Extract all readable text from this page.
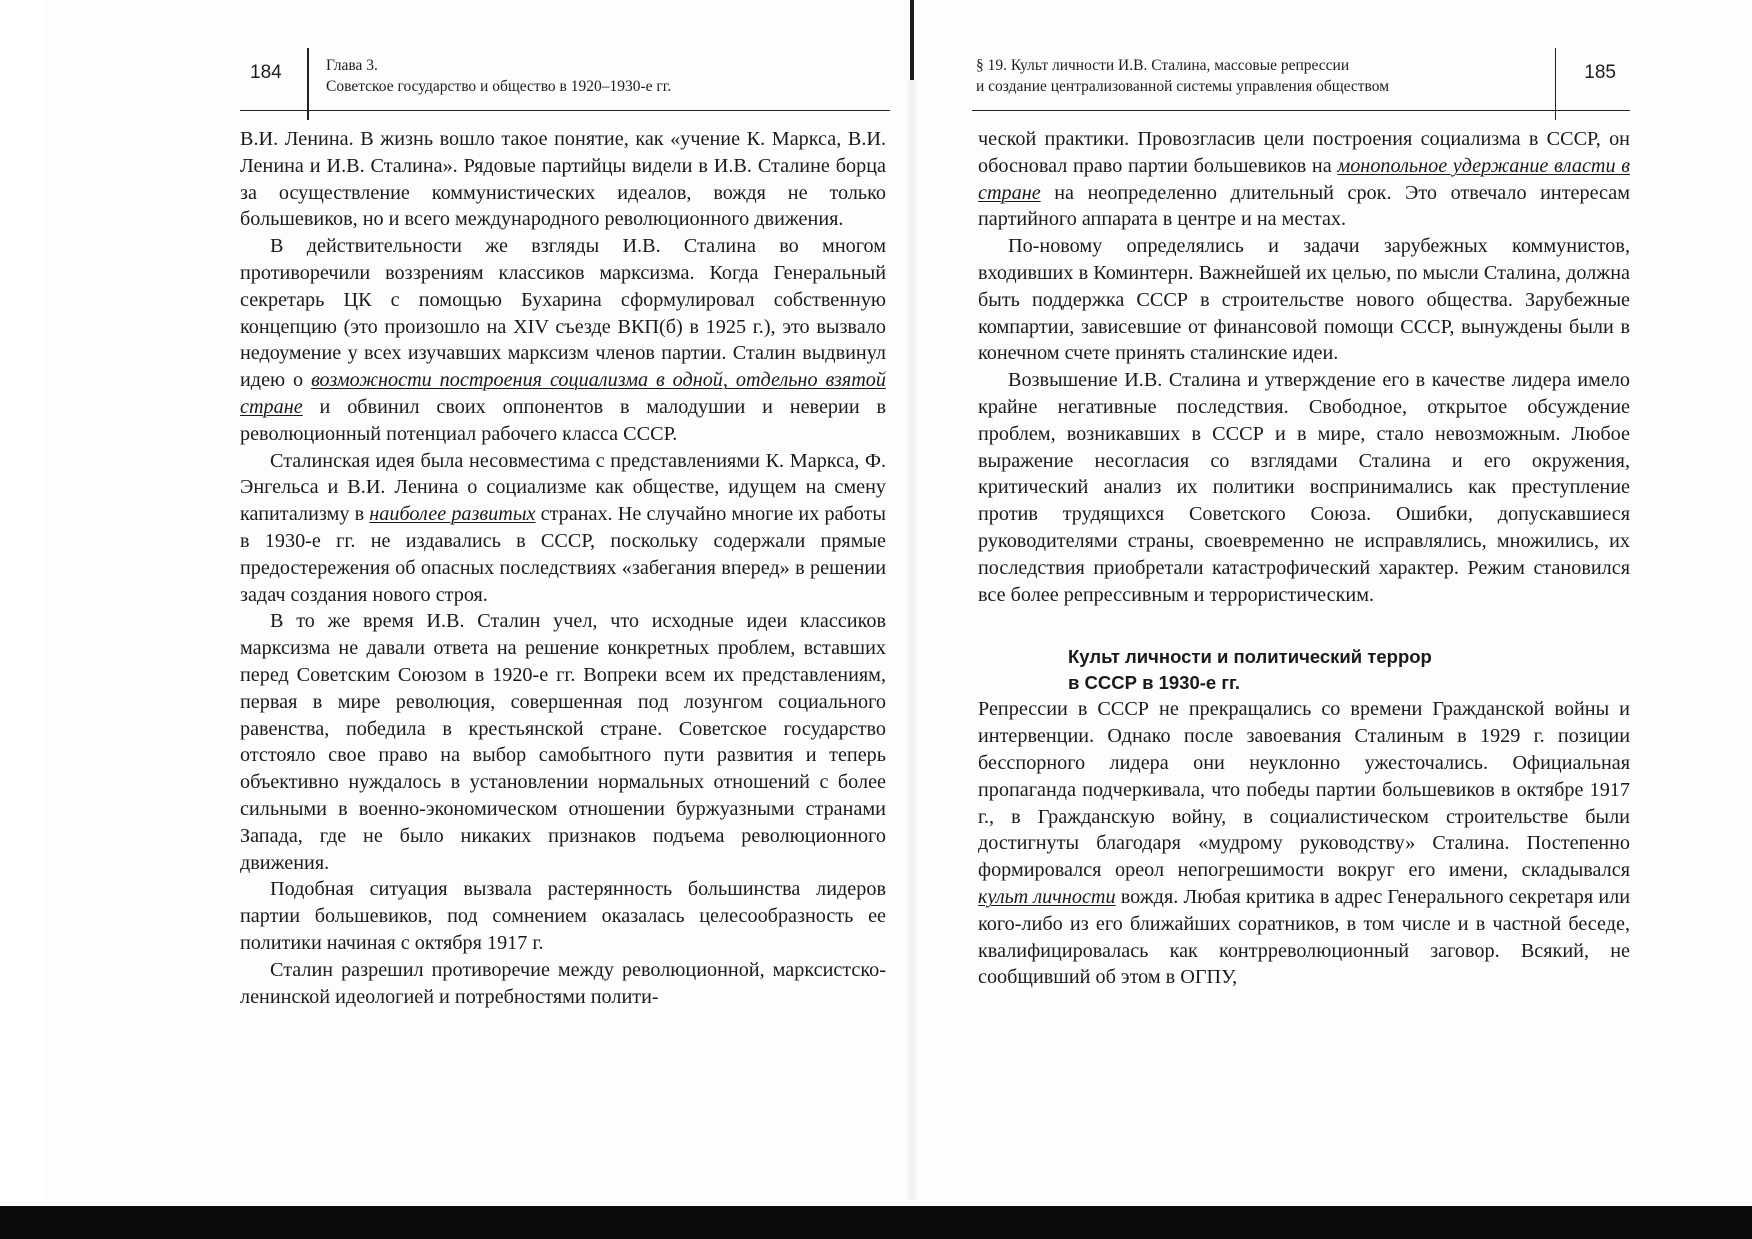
184	Глава 3.
Советское государство и общество в 1920–1930-е гг.

В.И. Ленина. В жизнь вошло такое понятие, как «учение К. Маркса, В.И. Ленина и И.В. Сталина». Рядовые партийцы видели в И.В. Сталине борца за осуществление коммунистических идеалов, вождя не только большевиков, но и всего международного революционного движения.

В действительности же взгляды И.В. Сталина во многом противоречили воззрениям классиков марксизма. Когда Генеральный секретарь ЦК с помощью Бухарина сформулировал собственную концепцию (это произошло на XIV съезде ВКП(б) в 1925 г.), это вызвало недоумение у всех изучавших марксизм членов партии. Сталин выдвинул идею о возможности построения социализма в одной, отдельно взятой стране и обвинил своих оппонентов в малодушии и неверии в революционный потенциал рабочего класса СССР.

Сталинская идея была несовместима с представлениями К. Маркса, Ф. Энгельса и В.И. Ленина о социализме как обществе, идущем на смену капитализму в наиболее развитых странах. Не случайно многие их работы в 1930-е гг. не издавались в СССР, поскольку содержали прямые предостережения об опасных последствиях «забегания вперед» в решении задач создания нового строя.

В то же время И.В. Сталин учел, что исходные идеи классиков марксизма не давали ответа на решение конкретных проблем, вставших перед Советским Союзом в 1920-е гг. Вопреки всем их представлениям, первая в мире революция, совершенная под лозунгом социального равенства, победила в крестьянской стране. Советское государство отстояло свое право на выбор самобытного пути развития и теперь объективно нуждалось в установлении нормальных отношений с более сильными в военно-экономическом отношении буржуазными странами Запада, где не было никаких признаков подъема революционного движения.

Подобная ситуация вызвала растерянность большинства лидеров партии большевиков, под сомнением оказалась целесообразность ее политики начиная с октября 1917 г.

Сталин разрешил противоречие между революционной, марксистско-ленинской идеологией и потребностями полити-

§ 19. Культ личности И.В. Сталина, массовые репрессии
и создание централизованной системы управления обществом
185

ческой практики. Провозгласив цели построения социализма в СССР, он обосновал право партии большевиков на монопольное удержание власти в стране на неопределенно длительный срок. Это отвечало интересам партийного аппарата в центре и на местах.

По-новому определялись и задачи зарубежных коммунистов, входивших в Коминтерн. Важнейшей их целью, по мысли Сталина, должна быть поддержка СССР в строительстве нового общества. Зарубежные компартии, зависевшие от финансовой помощи СССР, вынуждены были в конечном счете принять сталинские идеи.

Возвышение И.В. Сталина и утверждение его в качестве лидера имело крайне негативные последствия. Свободное, открытое обсуждение проблем, возникавших в СССР и в мире, стало невозможным. Любое выражение несогласия со взглядами Сталина и его окружения, критический анализ их политики воспринимались как преступление против трудящихся Советского Союза. Ошибки, допускавшиеся руководителями страны, своевременно не исправлялись, множились, их последствия приобретали катастрофический характер. Режим становился все более репрессивным и террористическим.

Культ личности и политический террор
в СССР в 1930-е гг.

Репрессии в СССР не прекращались со времени Гражданской войны и интервенции. Однако после завоевания Сталиным в 1929 г. позиции бесспорного лидера они неуклонно ужесточались. Официальная пропаганда подчеркивала, что победы партии большевиков в октябре 1917 г., в Гражданскую войну, в социалистическом строительстве были достигнуты благодаря «мудрому руководству» Сталина. Постепенно формировался ореол непогрешимости вокруг его имени, складывался культ личности вождя. Любая критика в адрес Генерального секретаря или кого-либо из его ближайших соратников, в том числе и в частной беседе, квалифицировалась как контрреволюционный заговор. Всякий, не сообщивший об этом в ОГПУ,
